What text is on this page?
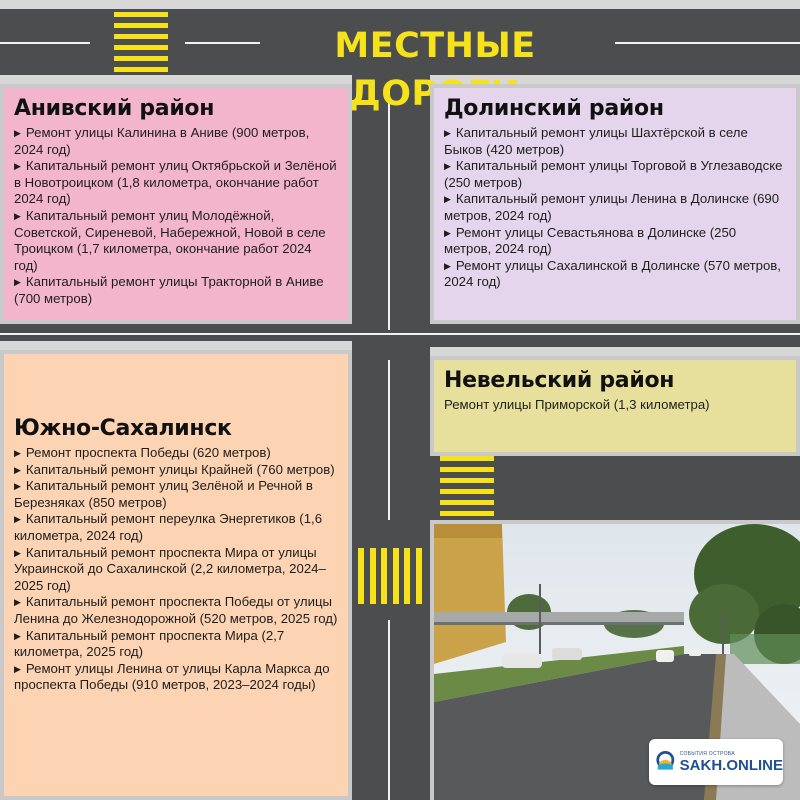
МЕСТНЫЕ
Анивский район
▶ Ремонт улицы Калинина в Аниве (900 метров, 2024 год)
▶ Капитальный ремонт улиц Октябрьской и Зелёной в Новотроицком (1,8 километра, окончание работ 2024 год)
▶ Капитальный ремонт улиц Молодёжной, Советской, Сиреневой, Набережной, Новой в селе Троицком (1,7 километра, окончание работ 2024 год)
▶ Капитальный ремонт улицы Тракторной в Аниве (700 метров)
Долинский район
▶ Капитальный ремонт улицы Шахтёрской в селе Быков (420 метров)
▶ Капитальный ремонт улицы Торговой в Углезаводске (250 метров)
▶ Капитальный ремонт улицы Ленина в Долинске (690 метров, 2024 год)
▶ Ремонт улицы Севастьянова в Долинске (250 метров, 2024 год)
▶ Ремонт улицы Сахалинской в Долинске (570 метров, 2024 год)
Невельский район

Ремонт улицы Приморской (1,3 километра)

Южно-Сахалинск
▶ Ремонт проспекта Победы (620 метров)
▶ Капитальный ремонт улицы Крайней (760 метров)
▶ Капитальный ремонт улиц Зелёной и Речной в Березняках (850 метров)
▶ Капитальный ремонт переулка Энергетиков (1,6 километра, 2024 год)
▶ Капитальный ремонт проспекта Мира от улицы Украинской до Сахалинской (2,2 километра, 2024–2025 год)
▶ Капитальный ремонт проспекта Победы от улицы Ленина до Железнодорожной (520 метров, 2025 год)
▶ Капитальный ремонт проспекта Мира (2,7 километра, 2025 год)
▶ Ремонт улицы Ленина от улицы Карла Маркса до проспекта Победы (910 метров, 2023–2024 годы)
СОБЫТИЯ ОСТРОВА
SAKH.ONLINE
